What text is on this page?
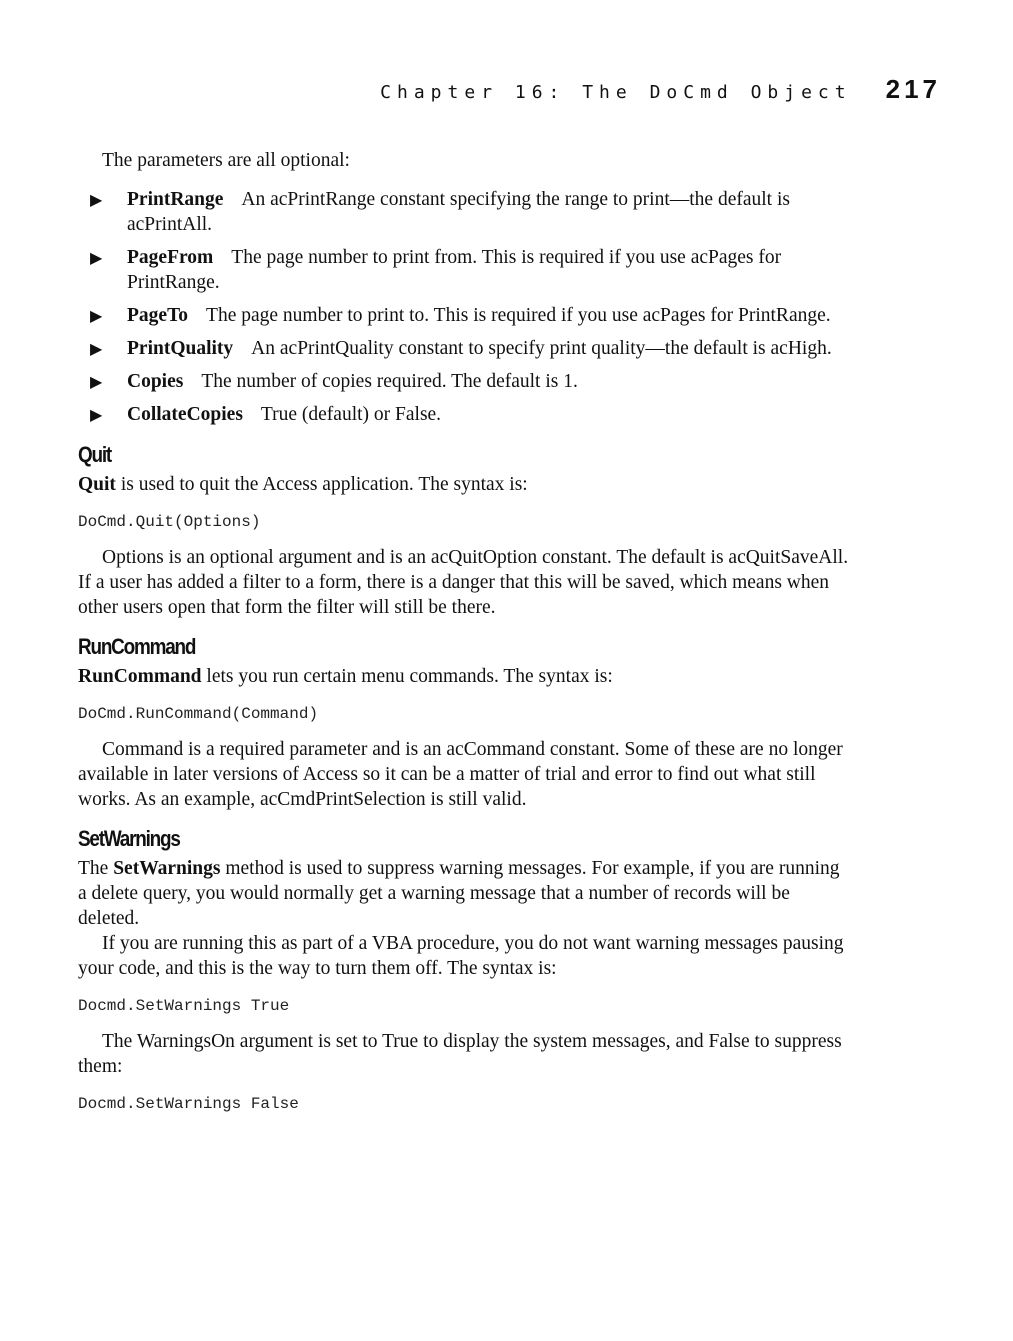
Chapter 16: The DoCmd Object 217

The parameters are all optional:

▶ PrintRange An acPrintRange constant specifying the range to print—the default is acPrintAll.
▶ PageFrom The page number to print from. This is required if you use acPages for PrintRange.
▶ PageTo The page number to print to. This is required if you use acPages for PrintRange.
▶ PrintQuality An acPrintQuality constant to specify print quality—the default is acHigh.
▶ Copies The number of copies required. The default is 1.
▶ CollateCopies True (default) or False.
Quit

Quit is used to quit the Access application. The syntax is:

DoCmd.Quit(Options)

Options is an optional argument and is an acQuitOption constant. The default is acQuitSaveAll. If a user has added a filter to a form, there is a danger that this will be saved, which means when other users open that form the filter will still be there.

RunCommand

RunCommand lets you run certain menu commands. The syntax is:

DoCmd.RunCommand(Command)

Command is a required parameter and is an acCommand constant. Some of these are no longer available in later versions of Access so it can be a matter of trial and error to find out what still works. As an example, acCmdPrintSelection is still valid.

SetWarnings

The SetWarnings method is used to suppress warning messages. For example, if you are running a delete query, you would normally get a warning message that a number of records will be deleted.

If you are running this as part of a VBA procedure, you do not want warning messages pausing your code, and this is the way to turn them off. The syntax is:

Docmd.SetWarnings True

The WarningsOn argument is set to True to display the system messages, and False to suppress them:

Docmd.SetWarnings False
